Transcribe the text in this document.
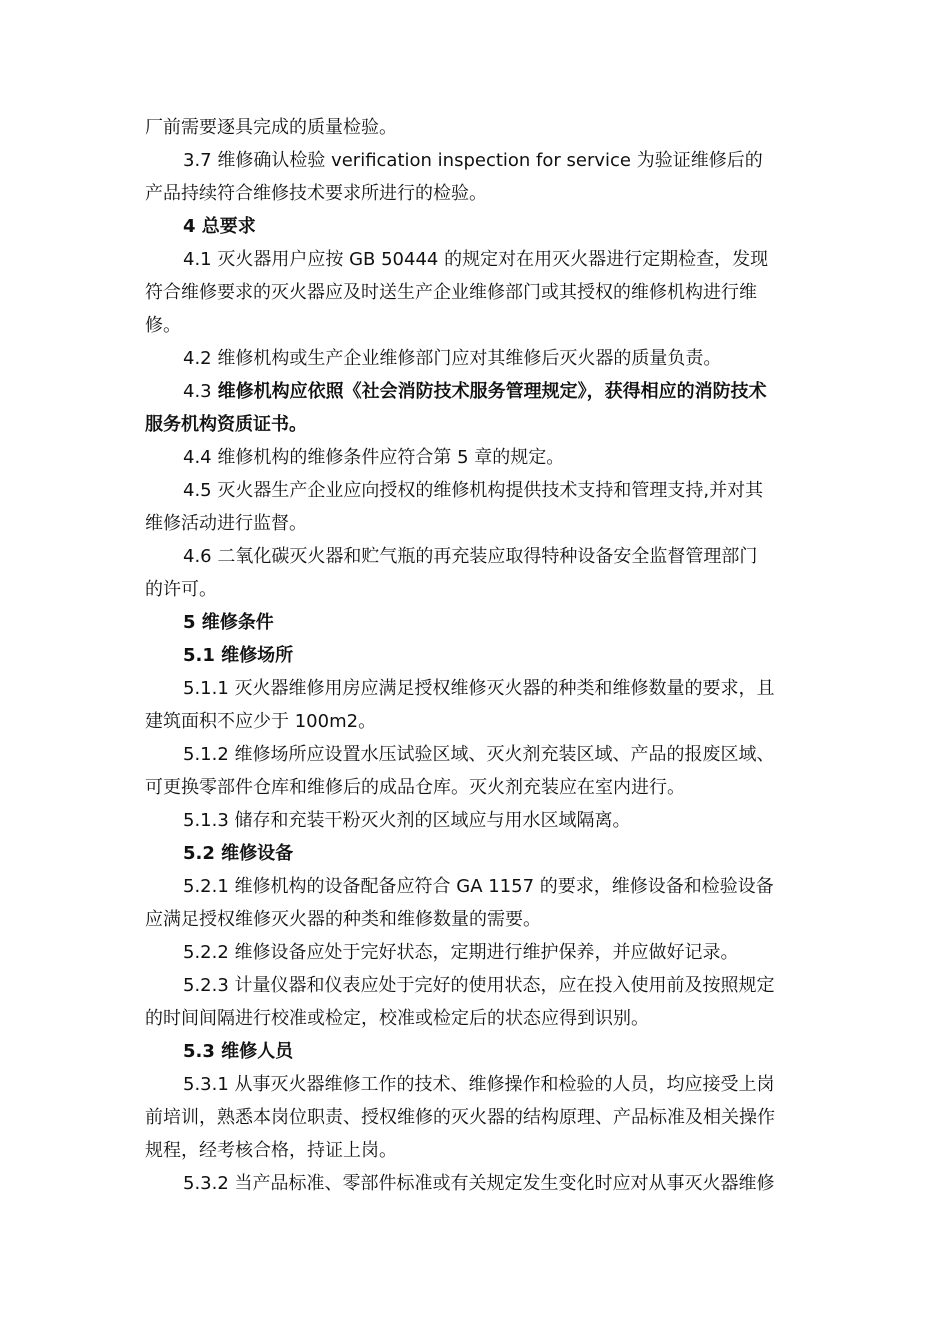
厂前需要逐具完成的质量检验。

3.7 维修确认检验 verification inspection for service 为验证维修后的
产品持续符合维修技术要求所进行的检验。

4 总要求

4.1 灭火器用户应按 GB 50444 的规定对在用灭火器进行定期检查，发现
符合维修要求的灭火器应及时送生产企业维修部门或其授权的维修机构进行维
修。

4.2 维修机构或生产企业维修部门应对其维修后灭火器的质量负责。

4.3 维修机构应依照《社会消防技术服务管理规定》，获得相应的消防技术
服务机构资质证书。

4.4 维修机构的维修条件应符合第 5 章的规定。

4.5 灭火器生产企业应向授权的维修机构提供技术支持和管理支持,并对其
维修活动进行监督。

4.6 二氧化碳灭火器和贮气瓶的再充装应取得特种设备安全监督管理部门
的许可。

5 维修条件

5.1 维修场所

5.1.1 灭火器维修用房应满足授权维修灭火器的种类和维修数量的要求，且
建筑面积不应少于 100m2。

5.1.2 维修场所应设置水压试验区域、灭火剂充装区域、产品的报废区域、
可更换零部件仓库和维修后的成品仓库。灭火剂充装应在室内进行。

5.1.3 储存和充装干粉灭火剂的区域应与用水区域隔离。

5.2 维修设备

5.2.1 维修机构的设备配备应符合 GA 1157 的要求，维修设备和检验设备
应满足授权维修灭火器的种类和维修数量的需要。

5.2.2 维修设备应处于完好状态，定期进行维护保养，并应做好记录。

5.2.3 计量仪器和仪表应处于完好的使用状态，应在投入使用前及按照规定
的时间间隔进行校准或检定，校准或检定后的状态应得到识别。

5.3 维修人员

5.3.1 从事灭火器维修工作的技术、维修操作和检验的人员，均应接受上岗
前培训，熟悉本岗位职责、授权维修的灭火器的结构原理、产品标准及相关操作
规程，经考核合格，持证上岗。

5.3.2 当产品标准、零部件标准或有关规定发生变化时应对从事灭火器维修
